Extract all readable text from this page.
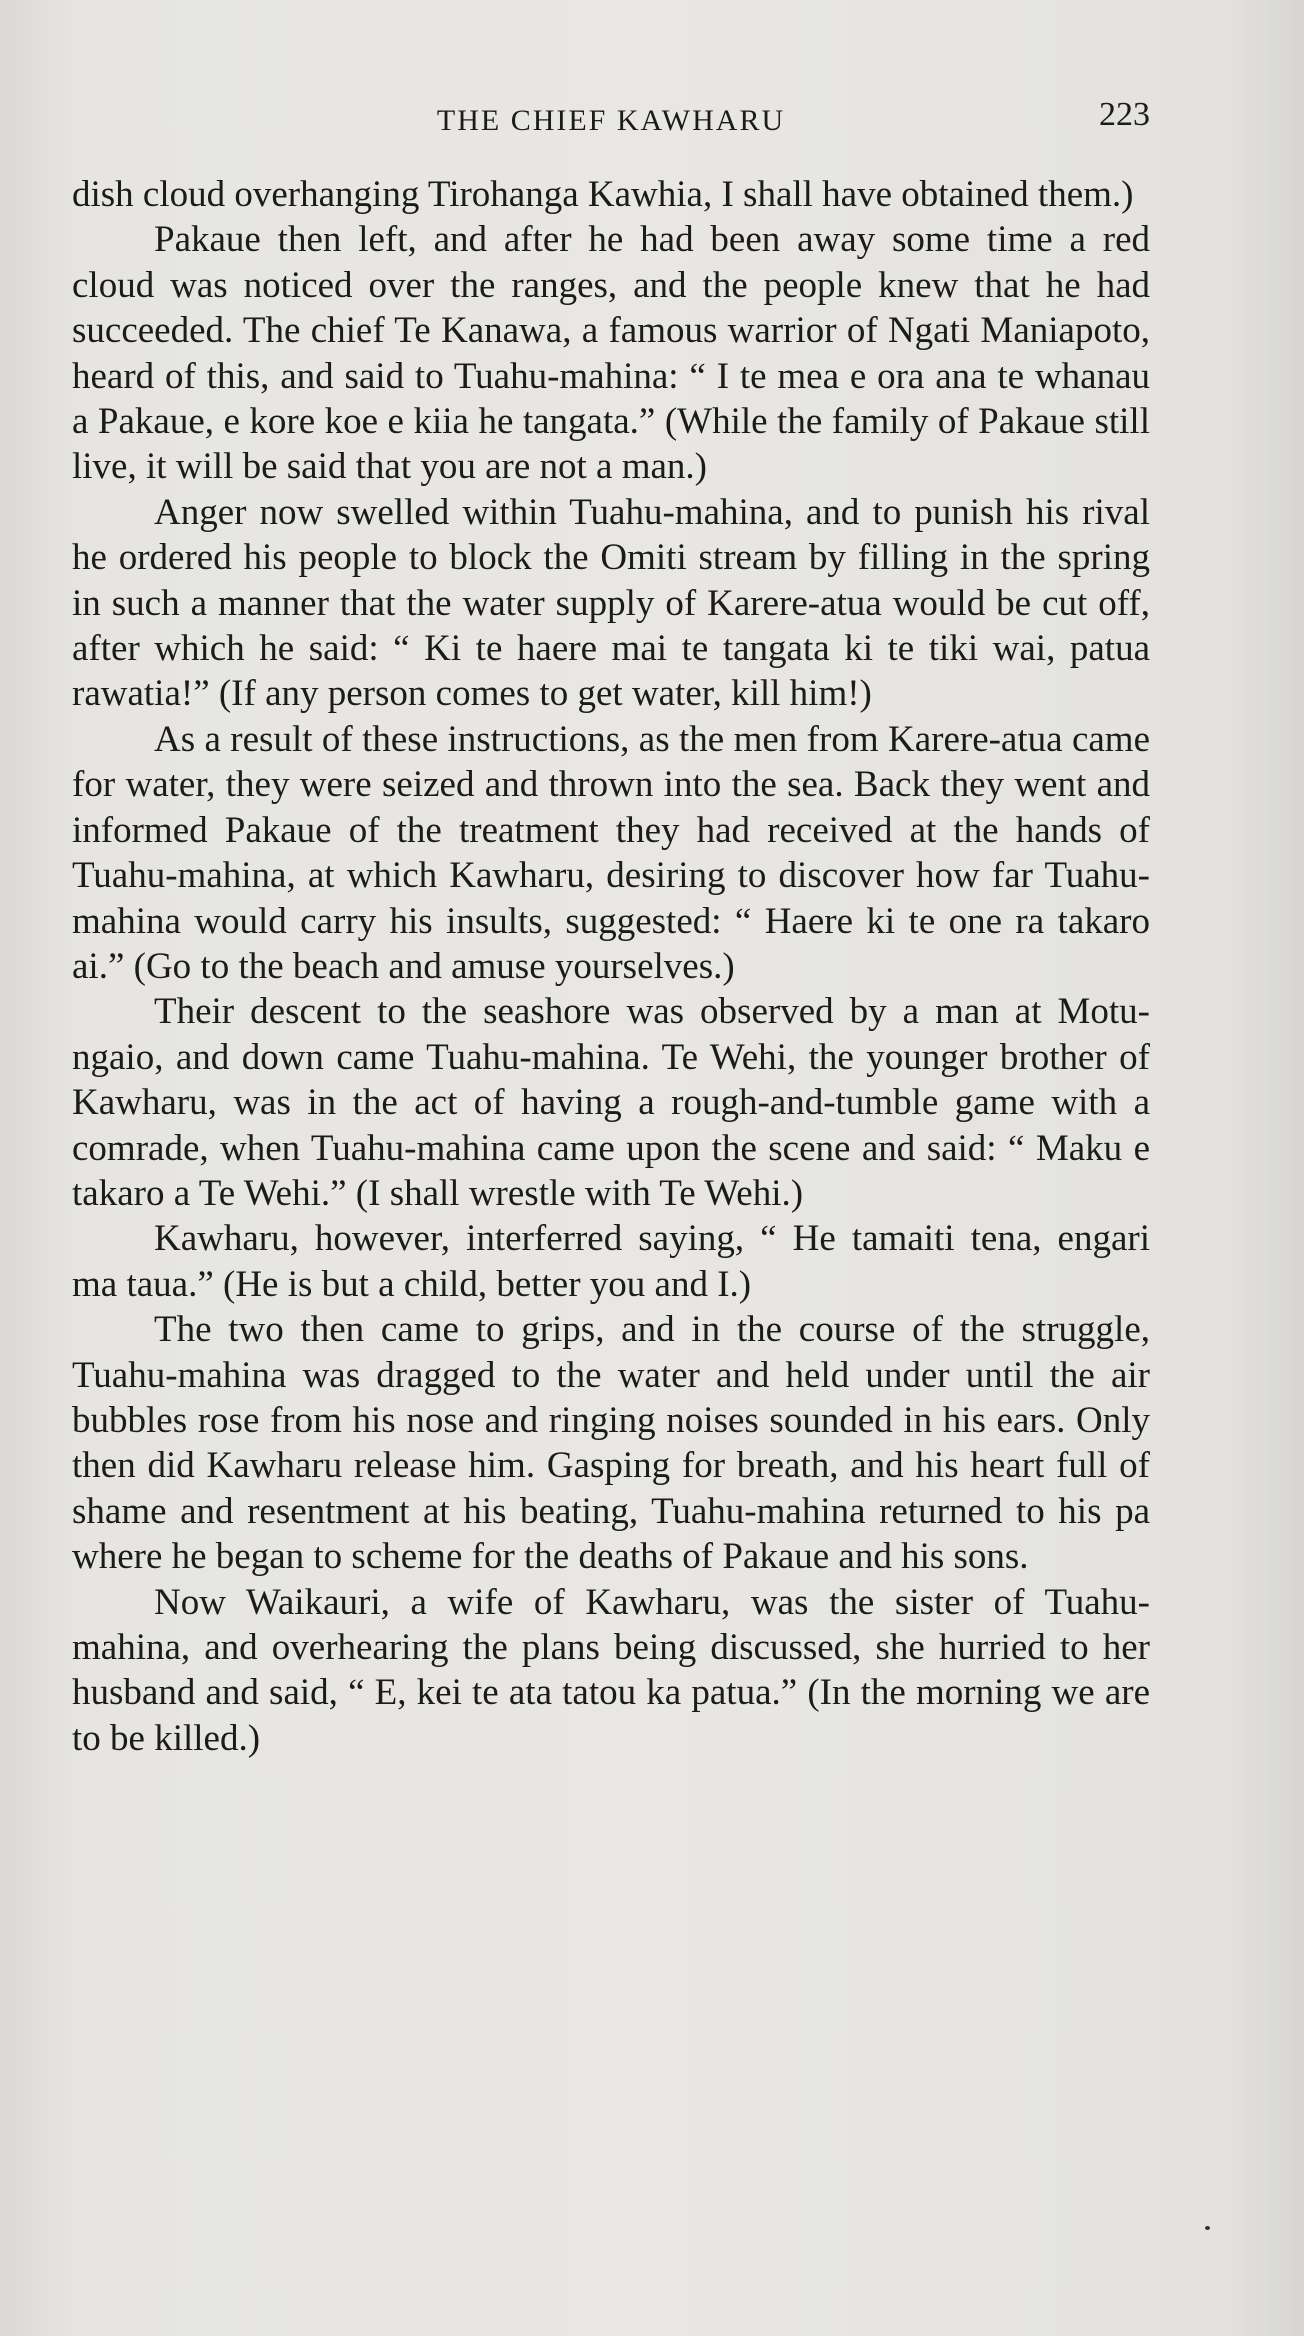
THE CHIEF KAWHARU	223

dish cloud overhanging Tirohanga Kawhia, I shall have obtained them.)

Pakaue then left, and after he had been away some time a red cloud was noticed over the ranges, and the people knew that he had succeeded. The chief Te Kanawa, a famous warrior of Ngati Maniapoto, heard of this, and said to Tuahu-mahina: “ I te mea e ora ana te whanau a Pakaue, e kore koe e kiia he tangata.” (While the family of Pakaue still live, it will be said that you are not a man.)

Anger now swelled within Tuahu-mahina, and to punish his rival he ordered his people to block the Omiti stream by filling in the spring in such a manner that the water supply of Karere-atua would be cut off, after which he said: “ Ki te haere mai te tangata ki te tiki wai, patua rawatia!” (If any person comes to get water, kill him!)

As a result of these instructions, as the men from Karere-atua came for water, they were seized and thrown into the sea. Back they went and informed Pakaue of the treatment they had received at the hands of Tuahu-mahina, at which Kawharu, desiring to discover how far Tuahu-mahina would carry his insults, suggested: “ Haere ki te one ra takaro ai.” (Go to the beach and amuse yourselves.)

Their descent to the seashore was observed by a man at Motu-ngaio, and down came Tuahu-mahina. Te Wehi, the younger brother of Kawharu, was in the act of having a rough-and-tumble game with a comrade, when Tuahu-mahina came upon the scene and said: “ Maku e takaro a Te Wehi.” (I shall wrestle with Te Wehi.)

Kawharu, however, interferred saying, “ He tamaiti tena, engari ma taua.” (He is but a child, better you and I.)

The two then came to grips, and in the course of the struggle, Tuahu-mahina was dragged to the water and held under until the air bubbles rose from his nose and ringing noises sounded in his ears. Only then did Kawharu release him. Gasping for breath, and his heart full of shame and resentment at his beating, Tuahu-mahina returned to his pa where he began to scheme for the deaths of Pakaue and his sons.

Now Waikauri, a wife of Kawharu, was the sister of Tuahu-mahina, and overhearing the plans being discussed, she hurried to her husband and said, “ E, kei te ata tatou ka patua.” (In the morning we are to be killed.)
